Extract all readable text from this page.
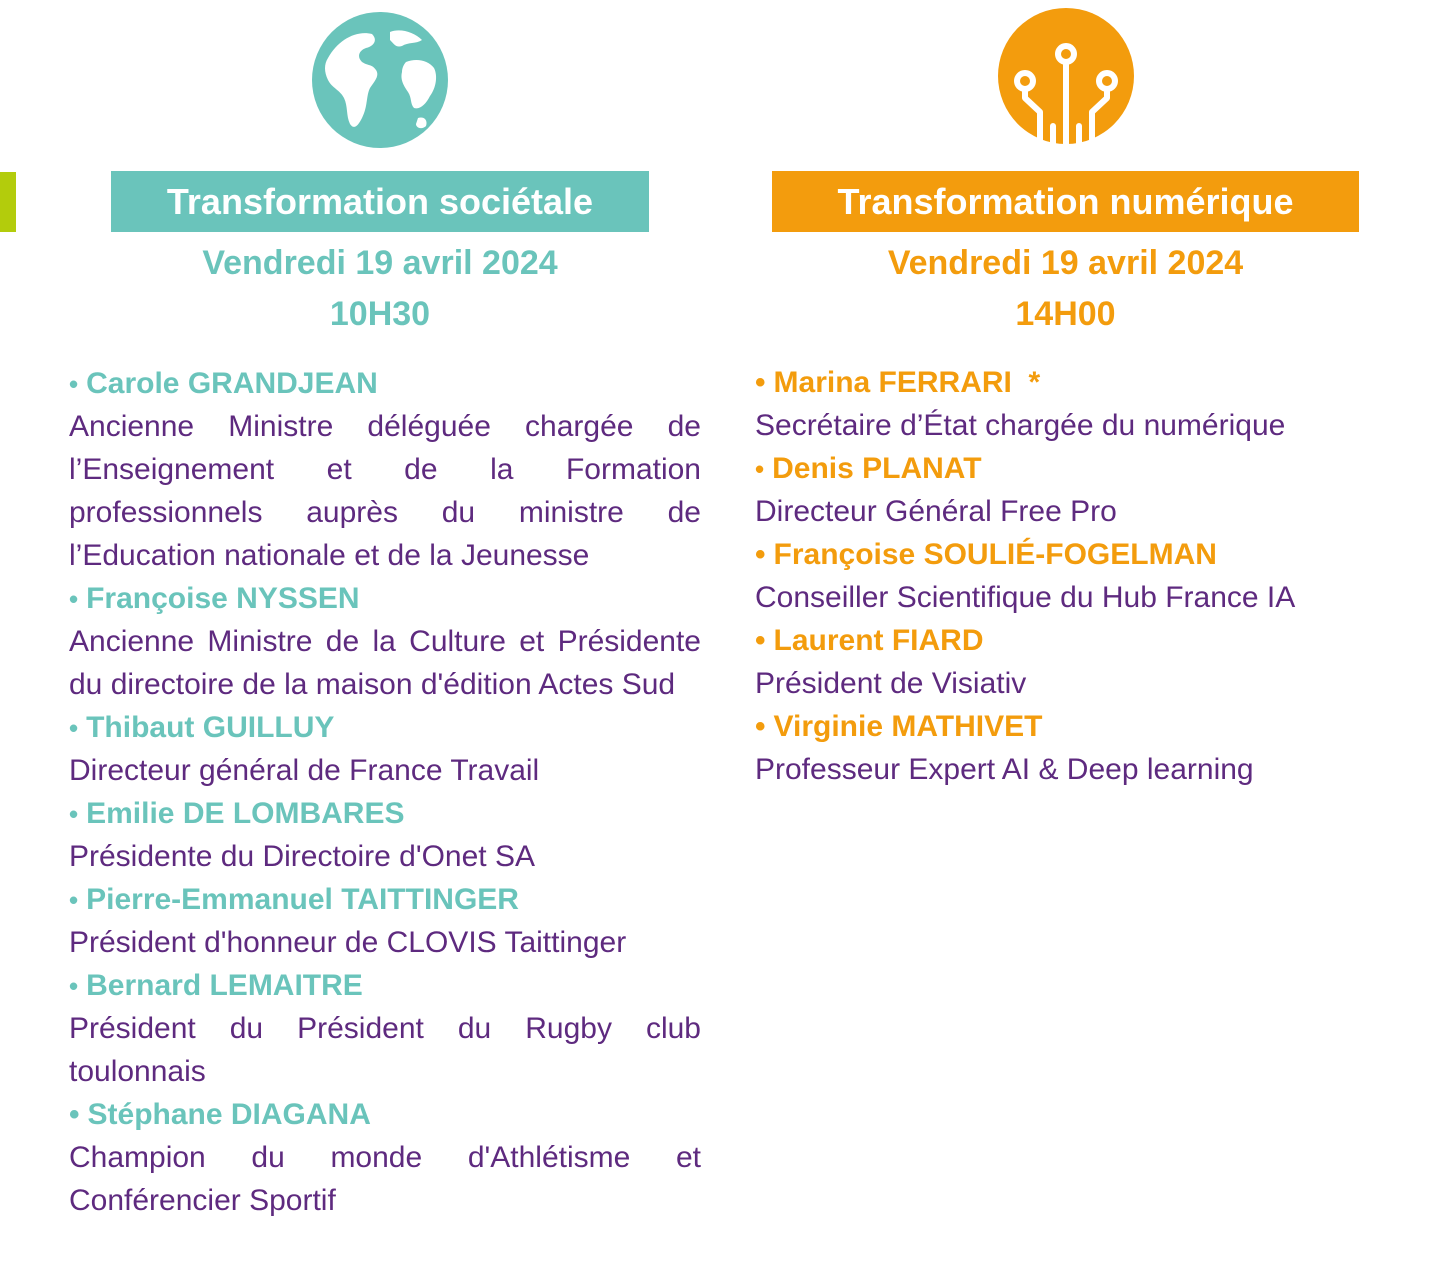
Transformation sociétale
Vendredi 19 avril 2024
10H30
• Carole GRANDJEAN
Ancienne Ministre déléguée chargée de l’Enseignement et de la Formation professionnels auprès du ministre de l’Education nationale et de la Jeunesse
• Françoise NYSSEN
Ancienne Ministre de la Culture et Présidente du directoire de la maison d'édition Actes Sud
• Thibaut GUILLUY
Directeur général de France Travail
• Emilie DE LOMBARES
Présidente du Directoire d'Onet SA
• Pierre-Emmanuel TAITTINGER
Président d'honneur de CLOVIS Taittinger
• Bernard LEMAITRE
Président du Président du Rugby club toulonnais
• Stéphane DIAGANA
Champion du monde d'Athlétisme et Conférencier Sportif
Transformation numérique
Vendredi 19 avril 2024
14H00
• Marina FERRARI  *
Secrétaire d’État chargée du numérique
• Denis PLANAT
Directeur Général Free Pro
• Françoise SOULIÉ-FOGELMAN
Conseiller Scientifique du Hub France IA
• Laurent FIARD
Président de Visiativ
• Virginie MATHIVET
Professeur Expert AI & Deep learning
